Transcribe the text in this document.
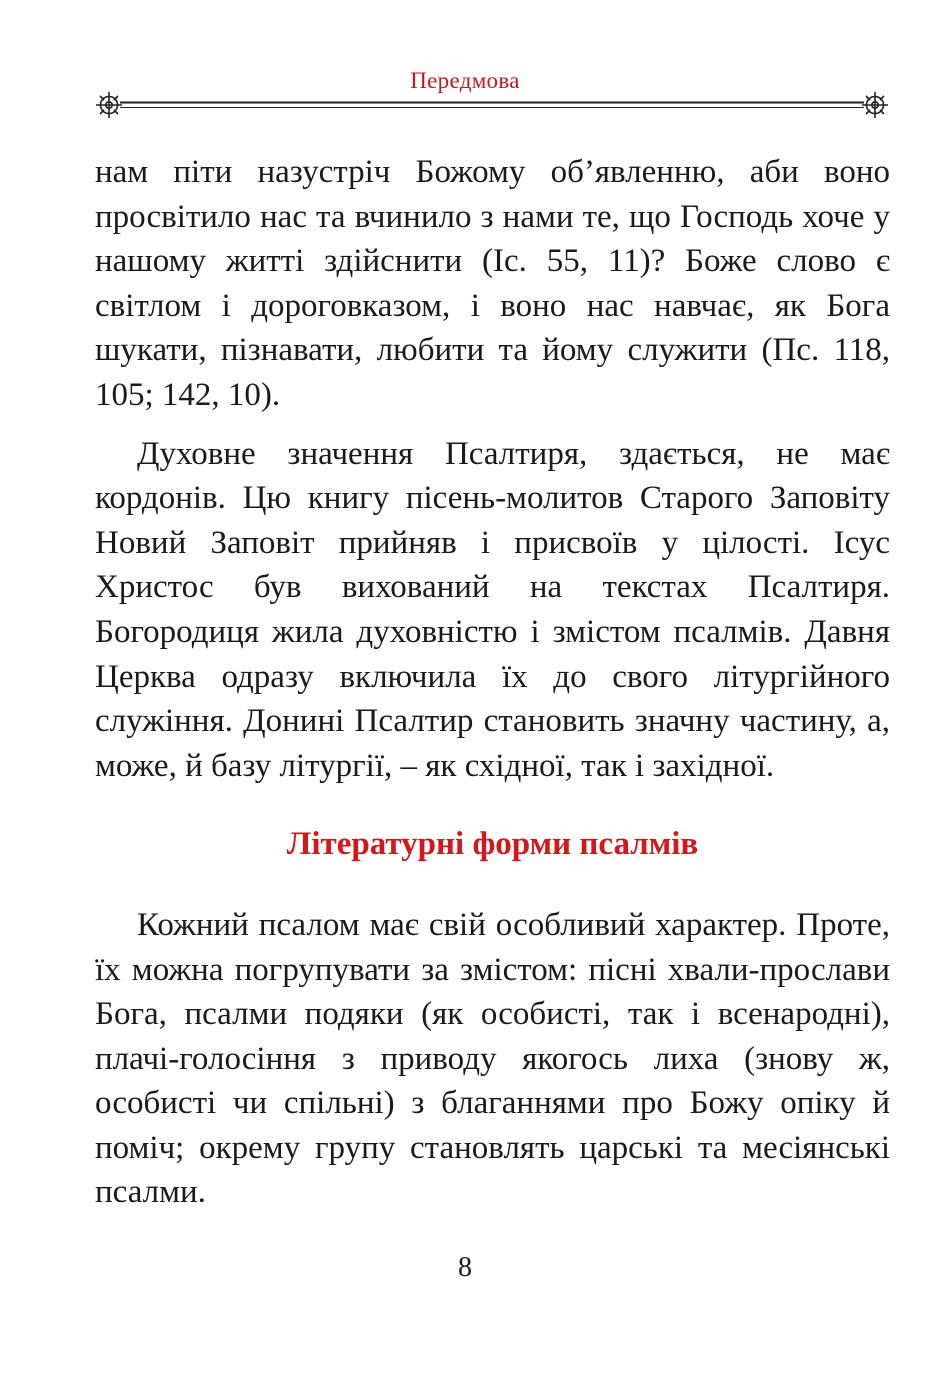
Передмова

нам піти назустріч Божому об’явленню, аби воно просвітило нас та вчинило з нами те, що Господь хоче у нашому житті здійснити (Іс. 55, 11)? Боже слово є світлом і дороговказом, і воно нас навчає, як Бога шукати, пізнавати, любити та йому служити (Пс. 118, 105; 142, 10).

Духовне значення Псалтиря, здається, не має кордонів. Цю книгу пісень-молитов Старого Заповіту Новий Заповіт прийняв і присвоїв у цілості. Ісус Христос був вихований на текстах Псалтиря. Богородиця жила духовністю і змістом псалмів. Давня Церква одразу включила їх до свого літургійного служіння. Донині Псалтир становить значну частину, а, може, й базу літургії, – як східної, так і західної.

Літературні форми псалмів

Кожний псалом має свій особливий характер. Проте, їх можна погрупувати за змістом: пісні хвали-прослави Бога, псалми подяки (як особисті, так і всенародні), плачі-голосіння з приводу якогось лиха (знову ж, особисті чи спільні) з благаннями про Божу опіку й поміч; окрему групу становлять царські та месіянські псалми.

8
